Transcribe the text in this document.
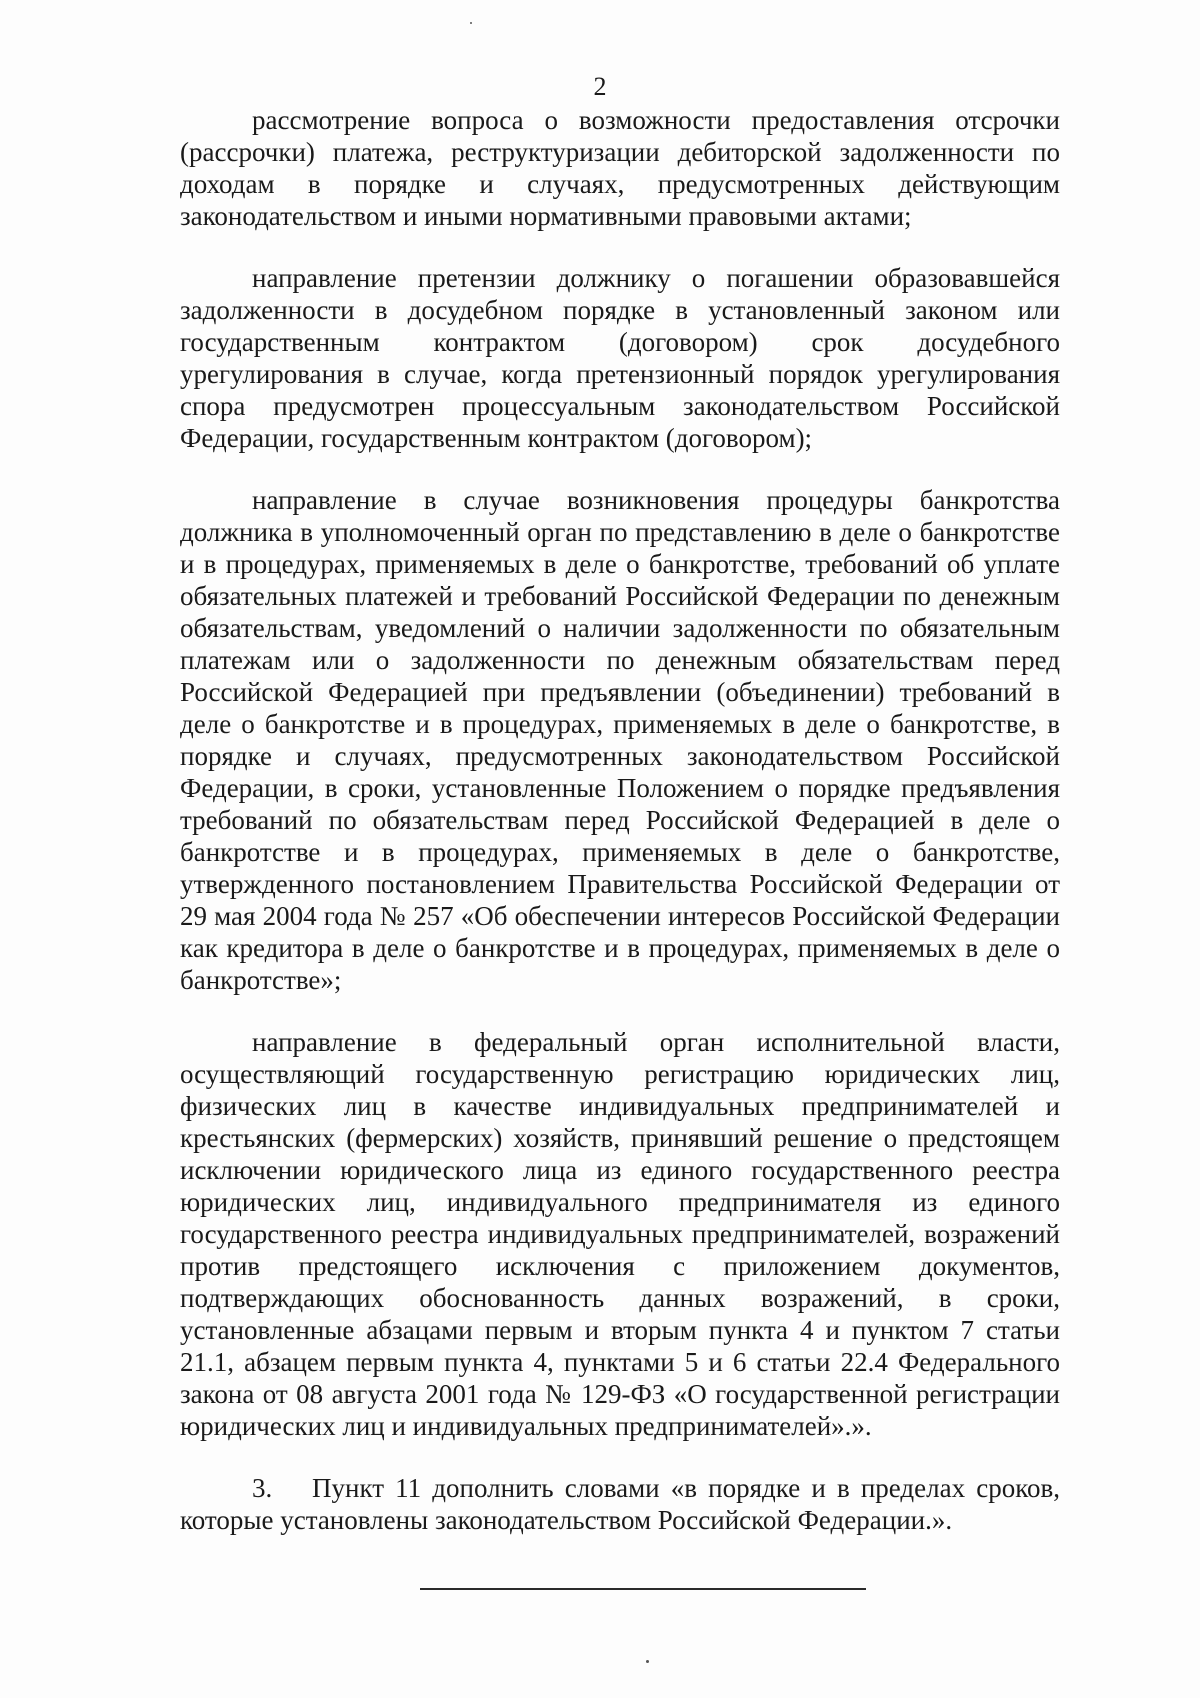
2

рассмотрение вопроса о возможности предоставления отсрочки (рассрочки) платежа, реструктуризации дебиторской задолженности по доходам в порядке и случаях, предусмотренных действующим законодательством и иными нормативными правовыми актами;

направление претензии должнику о погашении образовавшейся задолженности в досудебном порядке в установленный законом или государственным контрактом (договором) срок досудебного урегулирования в случае, когда претензионный порядок урегулирования спора предусмотрен процессуальным законодательством Российской Федерации, государственным контрактом (договором);

направление в случае возникновения процедуры банкротства должника в уполномоченный орган по представлению в деле о банкротстве и в процедурах, применяемых в деле о банкротстве, требований об уплате обязательных платежей и требований Российской Федерации по денежным обязательствам, уведомлений о наличии задолженности по обязательным платежам или о задолженности по денежным обязательствам перед Российской Федерацией при предъявлении (объединении) требований в деле о банкротстве и в процедурах, применяемых в деле о банкротстве, в порядке и случаях, предусмотренных законодательством Российской Федерации, в сроки, установленные Положением о порядке предъявления требований по обязательствам перед Российской Федерацией в деле о банкротстве и в процедурах, применяемых в деле о банкротстве, утвержденного постановлением Правительства Российской Федерации от 29 мая 2004 года № 257 «Об обеспечении интересов Российской Федерации как кредитора в деле о банкротстве и в процедурах, применяемых в деле о банкротстве»;

направление в федеральный орган исполнительной власти, осуществляющий государственную регистрацию юридических лиц, физических лиц в качестве индивидуальных предпринимателей и крестьянских (фермерских) хозяйств, принявший решение о предстоящем исключении юридического лица из единого государственного реестра юридических лиц, индивидуального предпринимателя из единого государственного реестра индивидуальных предпринимателей, возражений против предстоящего исключения с приложением документов, подтверждающих обоснованность данных возражений, в сроки, установленные абзацами первым и вторым пункта 4 и пунктом 7 статьи 21.1, абзацем первым пункта 4, пунктами 5 и 6 статьи 22.4 Федерального закона от 08 августа 2001 года № 129-ФЗ «О государственной регистрации юридических лиц и индивидуальных предпринимателей».».

3. Пункт 11 дополнить словами «в порядке и в пределах сроков, которые установлены законодательством Российской Федерации.».
